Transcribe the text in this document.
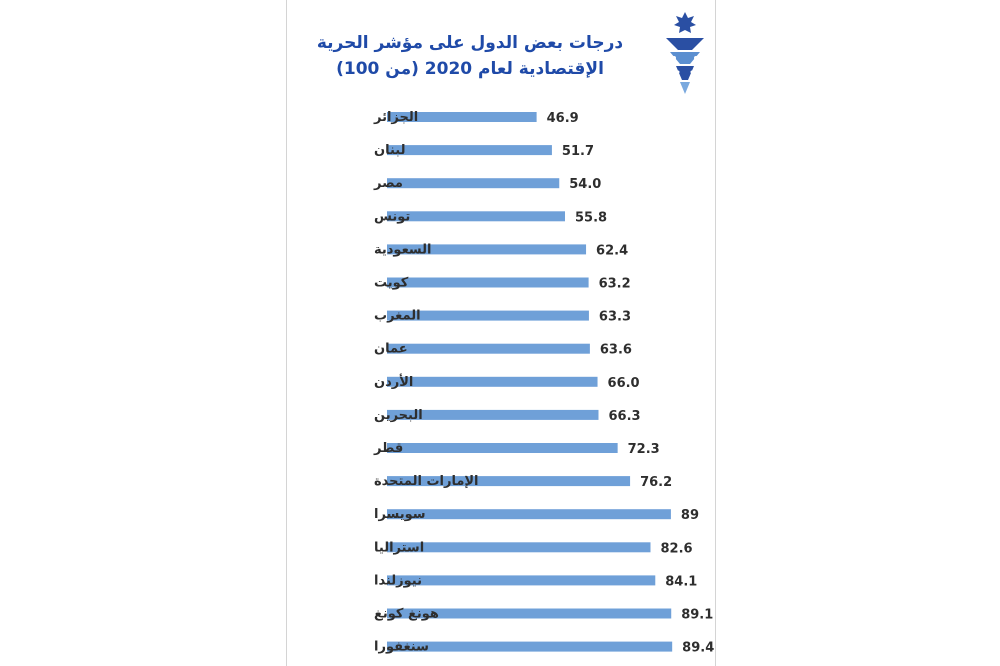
درجات بعض الدول على مؤشر الحرية
الإقتصادية لعام 2020 (من 100)
الجزائر	46.9
لبنان	51.7
مصر	54.0
تونس	55.8
السعودية	62.4
كويت	63.2
المغرب	63.3
عمان	63.6
الأردن	66.0
البحرين	66.3
قطر	72.3
الإمارات المتحدة	76.2
سويسرا	89
استراليا	82.6
نيوزلندا	84.1
هونغ كونغ	89.1
سنغفورا	89.4
